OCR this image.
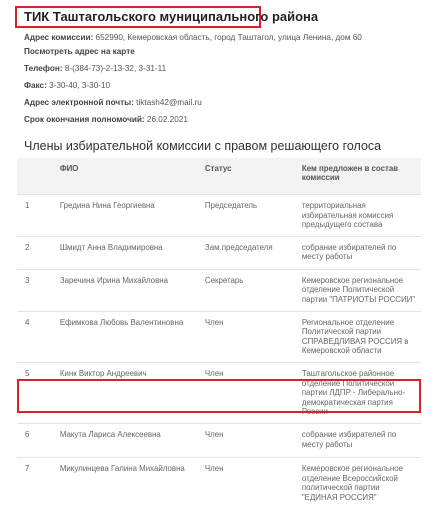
ТИК Таштагольского муниципального района
Адрес комиссии: 652990, Кемеровская область, город Таштагол, улица Ленина, дом 60
Посмотреть адрес на карте
Телефон: 8-(384-73)-2-13-32, 3-31-11
Факс: 3-30-40, 3-30-10
Адрес электронной почты: tiktash42@mail.ru
Срок окончания полномочий: 26.02.2021
Члены избирательной комиссии с правом решающего голоса
	ФИО	Статус	Кем предложен в состав комиссии
1	Гредина Нина Георгиевна	Председатель	территориальная избирательная комиссия предыдущего состава
2	Шмидт Анна Владимировна	Зам.председателя	собрание избирателей по месту работы
3	Заречина Ирина Михайловна	Секретарь	Кемеровское региональное отделение Политической партии "ПАТРИОТЫ РОССИИ"
4	Ефимкова Любовь Валентиновна	Член	Региональное отделение Политической партии СПРАВЕДЛИВАЯ РОССИЯ в Кемеровской области
5	Кинк Виктор Андреевич	Член	Таштагольское районное отделение Политической партии ЛДПР - Либерально-демократическая партия России
6	Макута Лариса Алексеевна	Член	собрание избирателей по месту работы
7	Микулинцева Галина Михайловна	Член	Кемеровское региональное отделение Всероссийской политической партии "ЕДИНАЯ РОССИЯ"
